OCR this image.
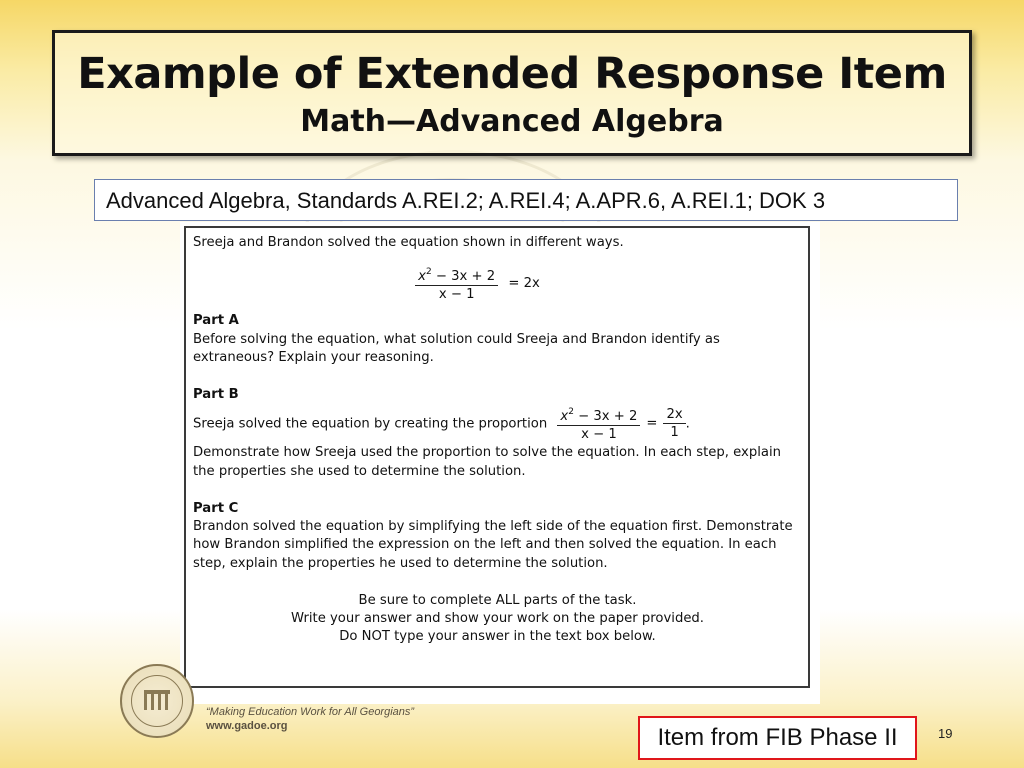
Example of Extended Response Item
Math—Advanced Algebra
Advanced Algebra, Standards A.REI.2; A.REI.4; A.APR.6, A.REI.1; DOK 3

Sreeja and Brandon solved the equation shown in different ways.

$\frac{x^2 - 3x + 2}{x - 1} = 2x$

Part A

Before solving the equation, what solution could Sreeja and Brandon identify as extraneous? Explain your reasoning.

Part B

Sreeja solved the equation by creating the proportion $\frac{x^2 - 3x + 2}{x - 1} = \frac{2x}{1}$ .

Demonstrate how Sreeja used the proportion to solve the equation. In each step, explain the properties she used to determine the solution.

Part C

Brandon solved the equation by simplifying the left side of the equation first. Demonstrate how Brandon simplified the expression on the left and then solved the equation. In each step, explain the properties he used to determine the solution.

Be sure to complete ALL parts of the task.

Write your answer and show your work on the paper provided.

Do NOT type your answer in the text box below.

“Making Education Work for All Georgians”
www.gadoe.org	Item from FIB Phase II	19
